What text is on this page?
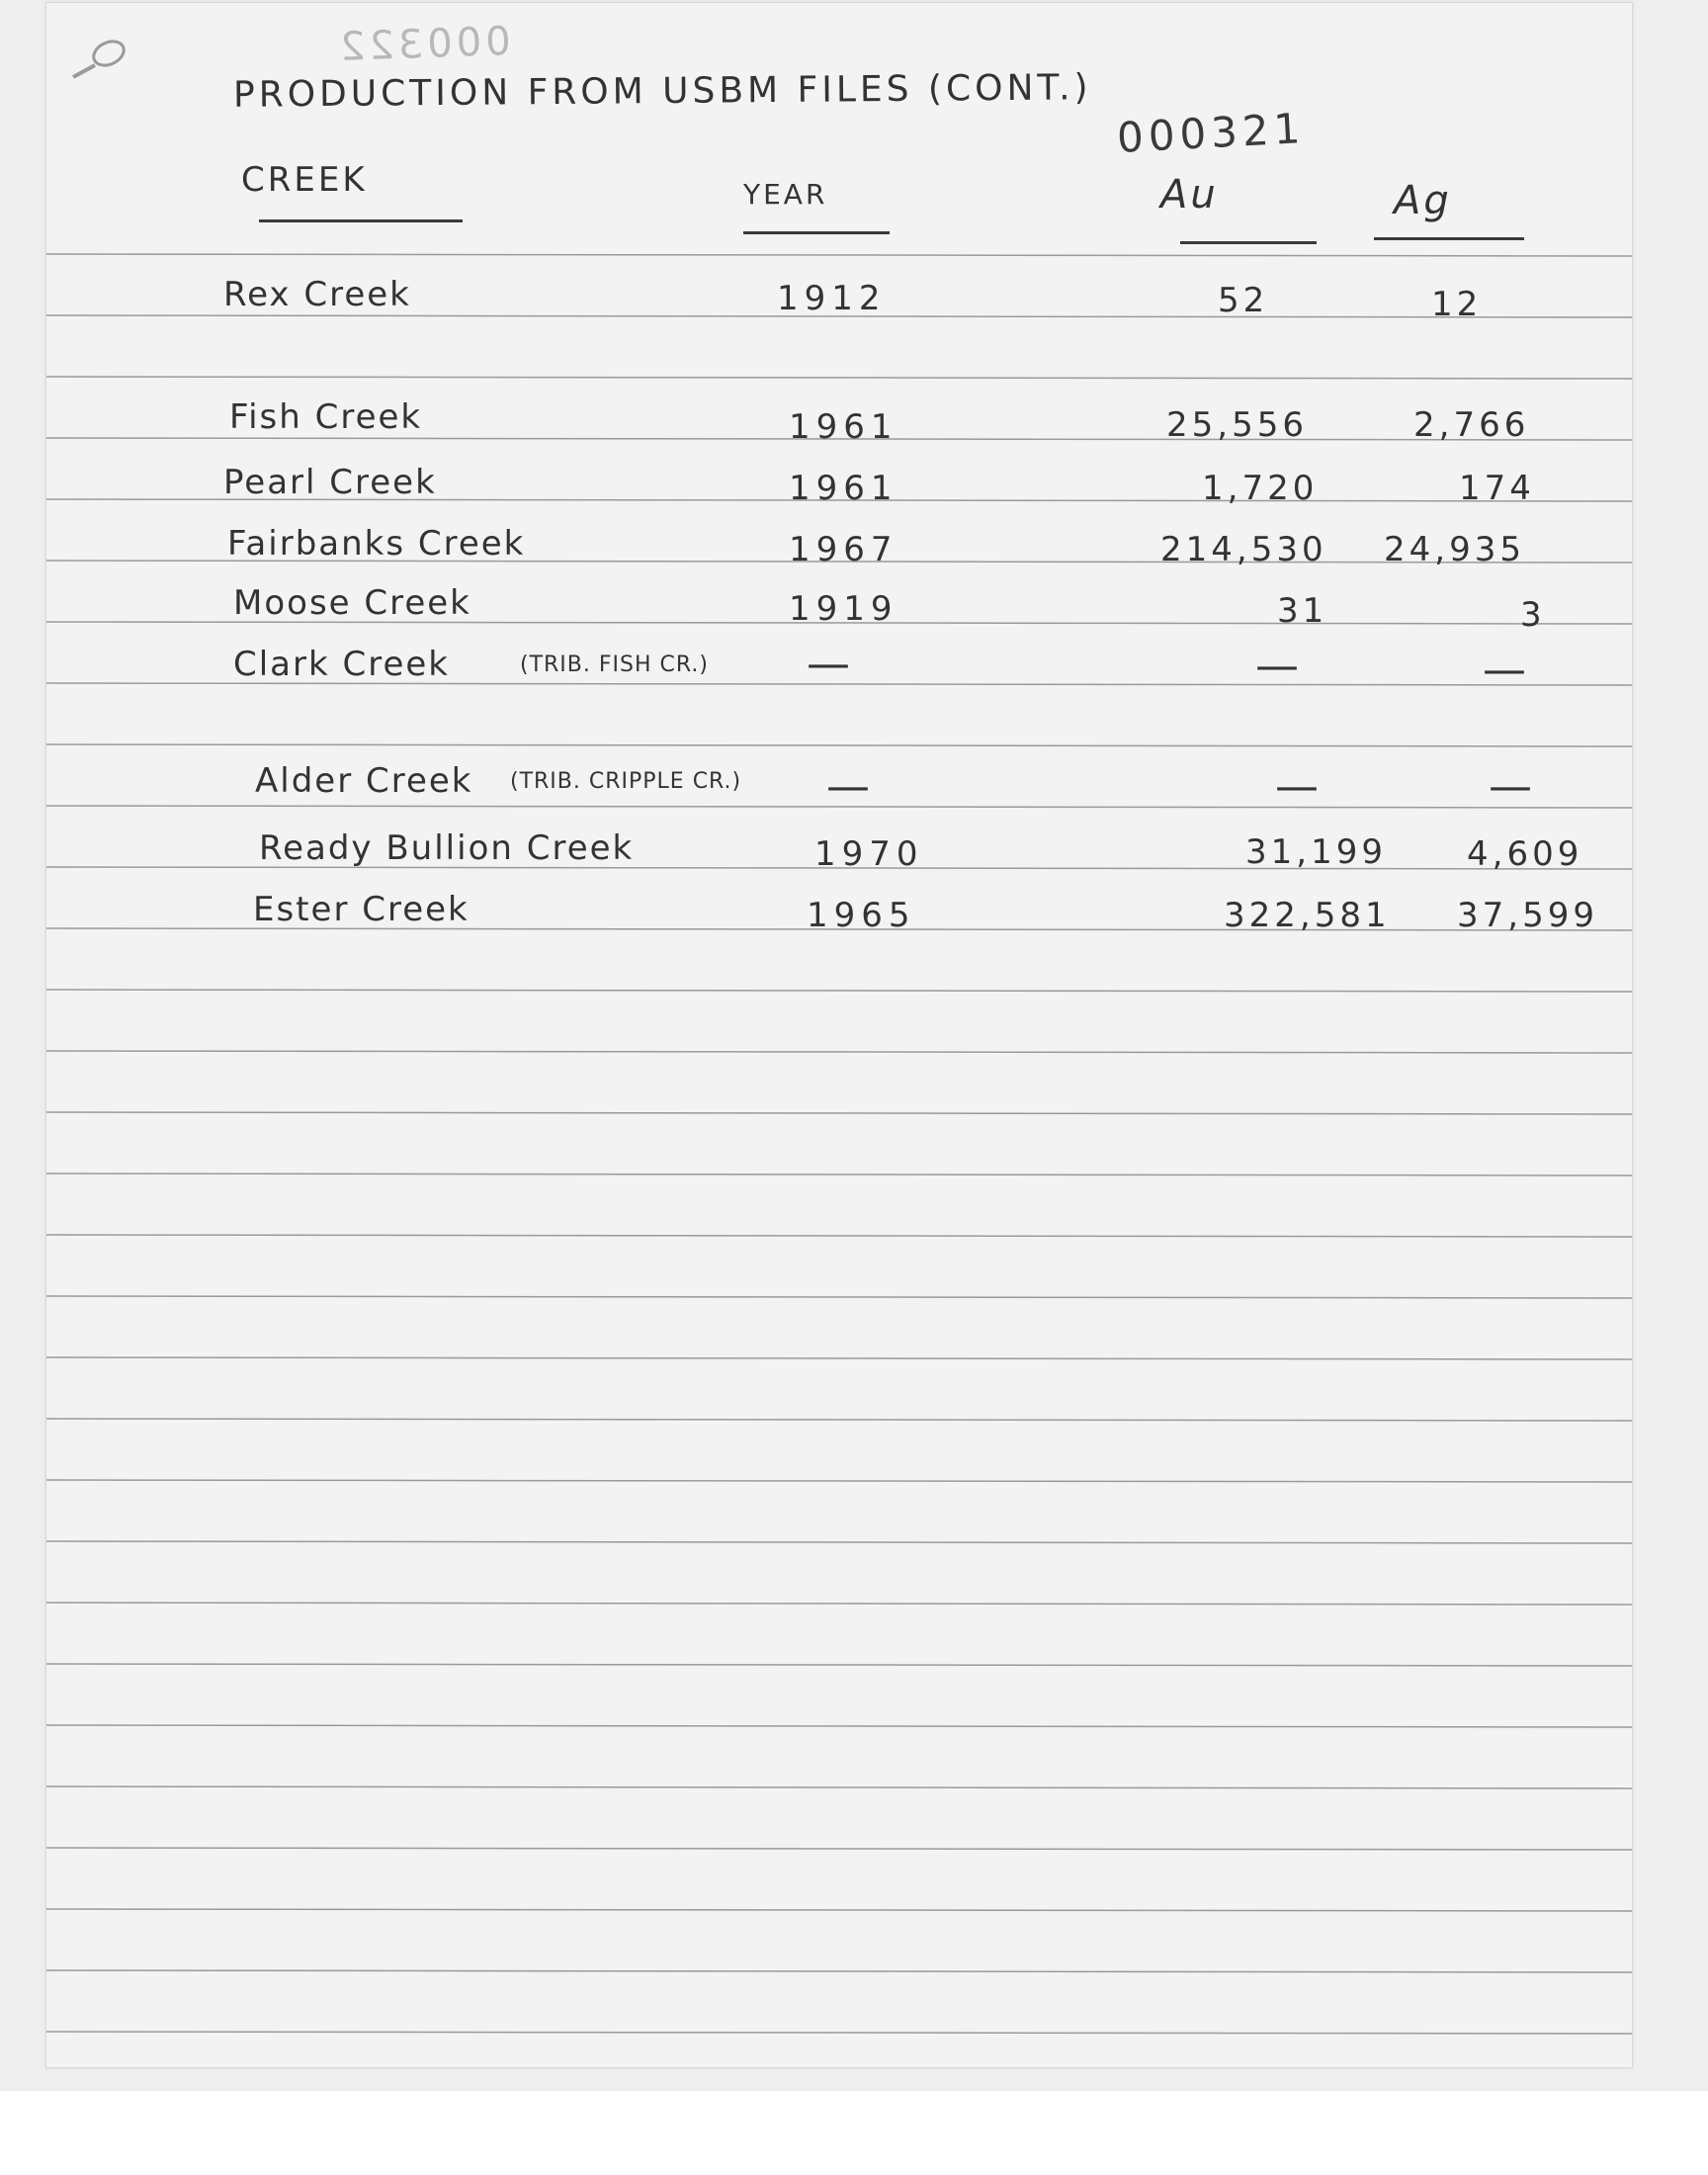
000322
PRODUCTION FROM USBM FILES (CONT.)
000321
CREEK	YEAR	Au	Ag
Rex Creek	1912	52	12
Fish Creek	1961	25,556	2,766
Pearl Creek	1961	1,720	174
Fairbanks Creek	1967	214,530 24,935
Moose Creek	1919	31	3
Clark Creek	(TRIB. FISH CR.) —	—	—
Alder Creek (TRIB. CRIPPLE CR.) —	—	—
Ready Bullion Creek	1970	31,199 4,609
Ester Creek	1965	322,581 37,599
